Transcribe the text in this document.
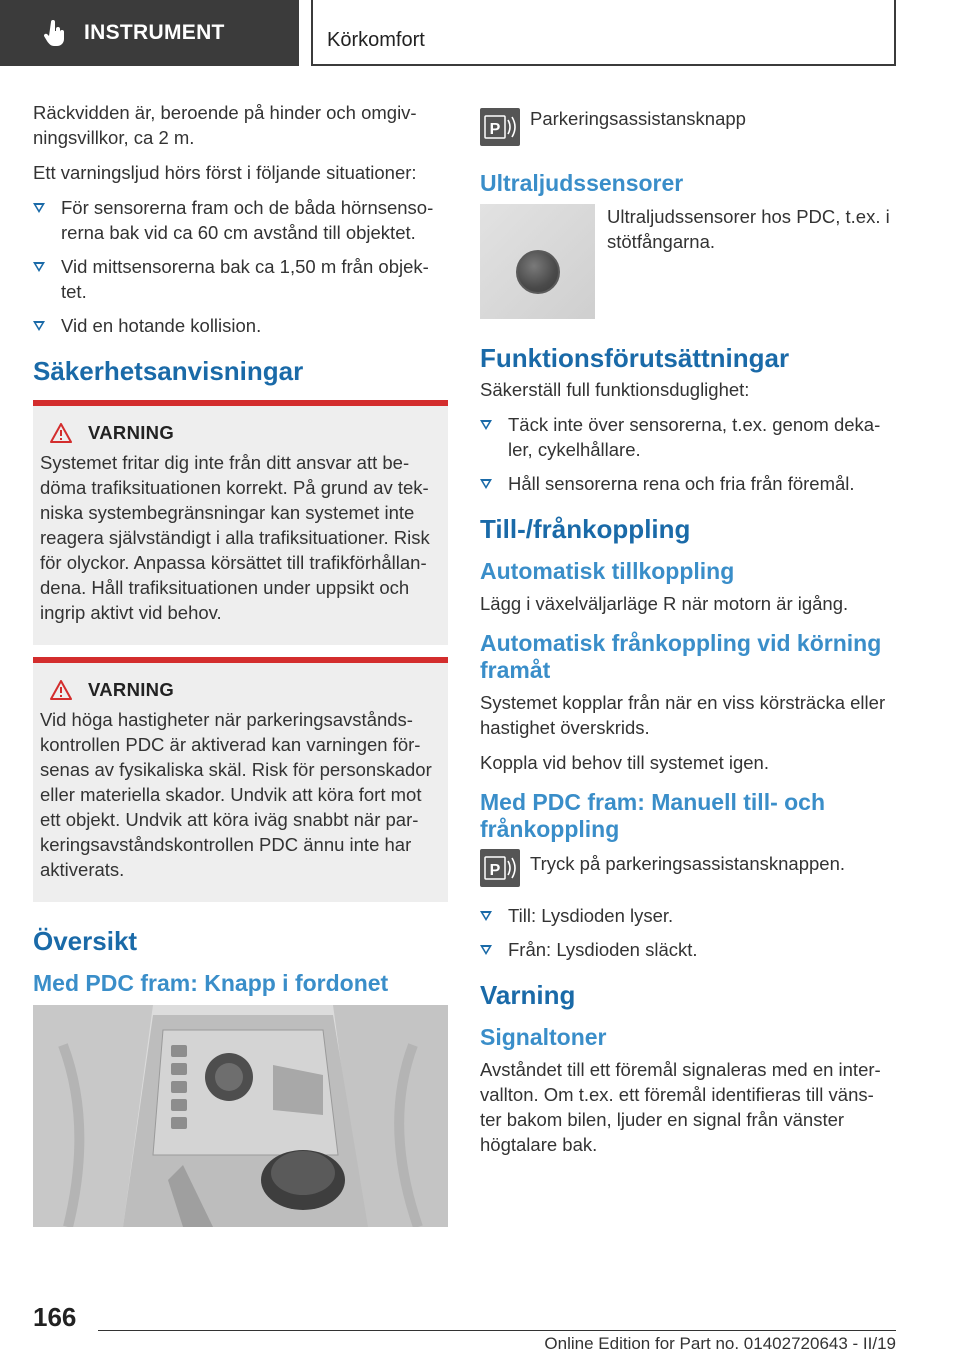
INSTRUMENT	Körkomfort

Räckvidden är, beroende på hinder och omgiv-ningsvillkor, ca 2 m.

Ett varningsljud hörs först i följande situationer:

För sensorerna fram och de båda hörnsenso-rerna bak vid ca 60 cm avstånd till objektet.
Vid mittsensorerna bak ca 1,50 m från objek-tet.
Vid en hotande kollision.
Säkerhetsanvisningar
VARNING

Systemet fritar dig inte från ditt ansvar att be-döma trafiksituationen korrekt. På grund av tek-niska systembegränsningar kan systemet inte reagera självständigt i alla trafiksituationer. Risk för olyckor. Anpassa körsättet till trafikförhållan-dena. Håll trafiksituationen under uppsikt och ingrip aktivt vid behov.

VARNING

Vid höga hastigheter när parkeringsavstånds-kontrollen PDC är aktiverad kan varningen för-senas av fysikaliska skäl. Risk för personskador eller materiella skador. Undvik att köra fort mot ett objekt. Undvik att köra iväg snabbt när par-keringsavståndskontrollen PDC ännu inte har aktiverats.

Översikt
Med PDC fram: Knapp i fordonet
P
Parkeringsassistansknapp
Ultraljudssensorer
Ultraljudssensorer hos PDC, t.ex. i stötfångarna.
Funktionsförutsättningar

Säkerställ full funktionsduglighet:

Täck inte över sensorerna, t.ex. genom deka-ler, cykelhållare.
Håll sensorerna rena och fria från föremål.
Till-/frånkoppling
Automatisk tillkoppling

Lägg i växelväljarläge R när motorn är igång.

Automatisk frånkoppling vid körning framåt

Systemet kopplar från när en viss körsträcka eller hastighet överskrids.

Koppla vid behov till systemet igen.

Med PDC fram: Manuell till- och frånkoppling
P Tryck på parkeringsassistansknappen.
Till: Lysdioden lyser.
Från: Lysdioden släckt.
Varning
Signaltoner

Avståndet till ett föremål signaleras med en inter-vallton. Om t.ex. ett föremål identifieras till väns-ter bakom bilen, ljuder en signal från vänster högtalare bak.

166
Online Edition for Part no. 01402720643 - II/19
